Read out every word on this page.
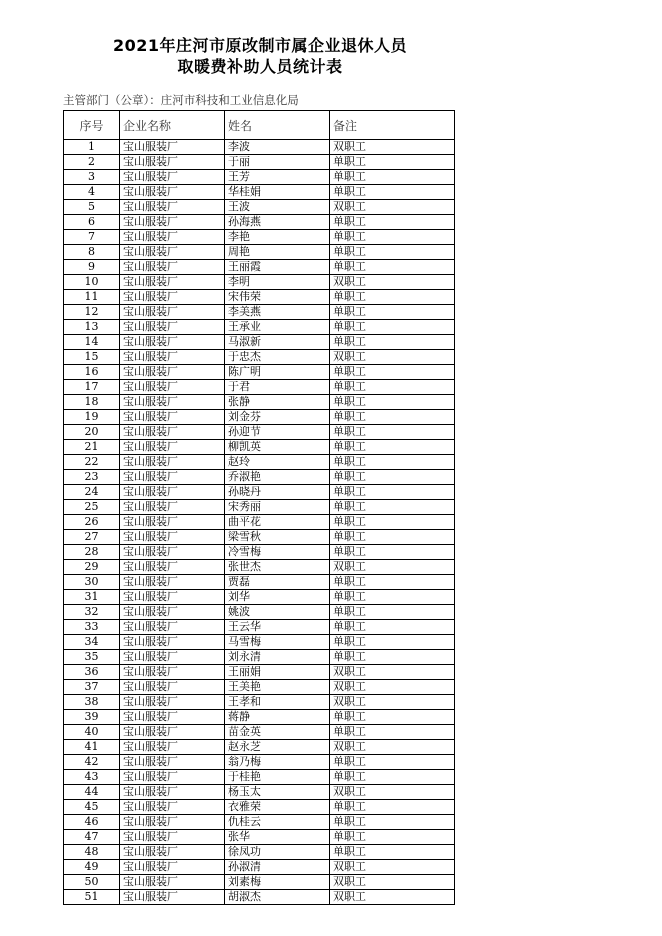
2021年庄河市原改制市属企业退休人员
取暖费补助人员统计表
主管部门（公章）：庄河市科技和工业信息化局
序号	企业名称	姓名	备注
1	宝山服装厂	李波	双职工
2	宝山服装厂	于丽	单职工
3	宝山服装厂	王芳	单职工
4	宝山服装厂	华桂娟	单职工
5	宝山服装厂	王波	双职工
6	宝山服装厂	孙海燕	单职工
7	宝山服装厂	李艳	单职工
8	宝山服装厂	周艳	单职工
9	宝山服装厂	王丽霞	单职工
10	宝山服装厂	李明	双职工
11	宝山服装厂	宋伟荣	单职工
12	宝山服装厂	李美燕	单职工
13	宝山服装厂	王承业	单职工
14	宝山服装厂	马淑新	单职工
15	宝山服装厂	于忠杰	双职工
16	宝山服装厂	陈广明	单职工
17	宝山服装厂	于君	单职工
18	宝山服装厂	张静	单职工
19	宝山服装厂	刘金芬	单职工
20	宝山服装厂	孙迎节	单职工
21	宝山服装厂	柳凯英	单职工
22	宝山服装厂	赵玲	单职工
23	宝山服装厂	乔淑艳	单职工
24	宝山服装厂	孙晓丹	单职工
25	宝山服装厂	宋秀丽	单职工
26	宝山服装厂	曲平花	单职工
27	宝山服装厂	梁雪秋	单职工
28	宝山服装厂	冷雪梅	单职工
29	宝山服装厂	张世杰	双职工
30	宝山服装厂	贾磊	单职工
31	宝山服装厂	刘华	单职工
32	宝山服装厂	姚波	单职工
33	宝山服装厂	王云华	单职工
34	宝山服装厂	马雪梅	单职工
35	宝山服装厂	刘永清	单职工
36	宝山服装厂	王丽娟	双职工
37	宝山服装厂	王美艳	双职工
38	宝山服装厂	王孝和	双职工
39	宝山服装厂	蒋静	单职工
40	宝山服装厂	苗金英	单职工
41	宝山服装厂	赵永芝	双职工
42	宝山服装厂	翁乃梅	单职工
43	宝山服装厂	于桂艳	单职工
44	宝山服装厂	杨玉太	双职工
45	宝山服装厂	衣雅荣	单职工
46	宝山服装厂	仇桂云	单职工
47	宝山服装厂	张华	单职工
48	宝山服装厂	徐凤功	单职工
49	宝山服装厂	孙淑清	双职工
50	宝山服装厂	刘素梅	双职工
51	宝山服装厂	胡淑杰	双职工
